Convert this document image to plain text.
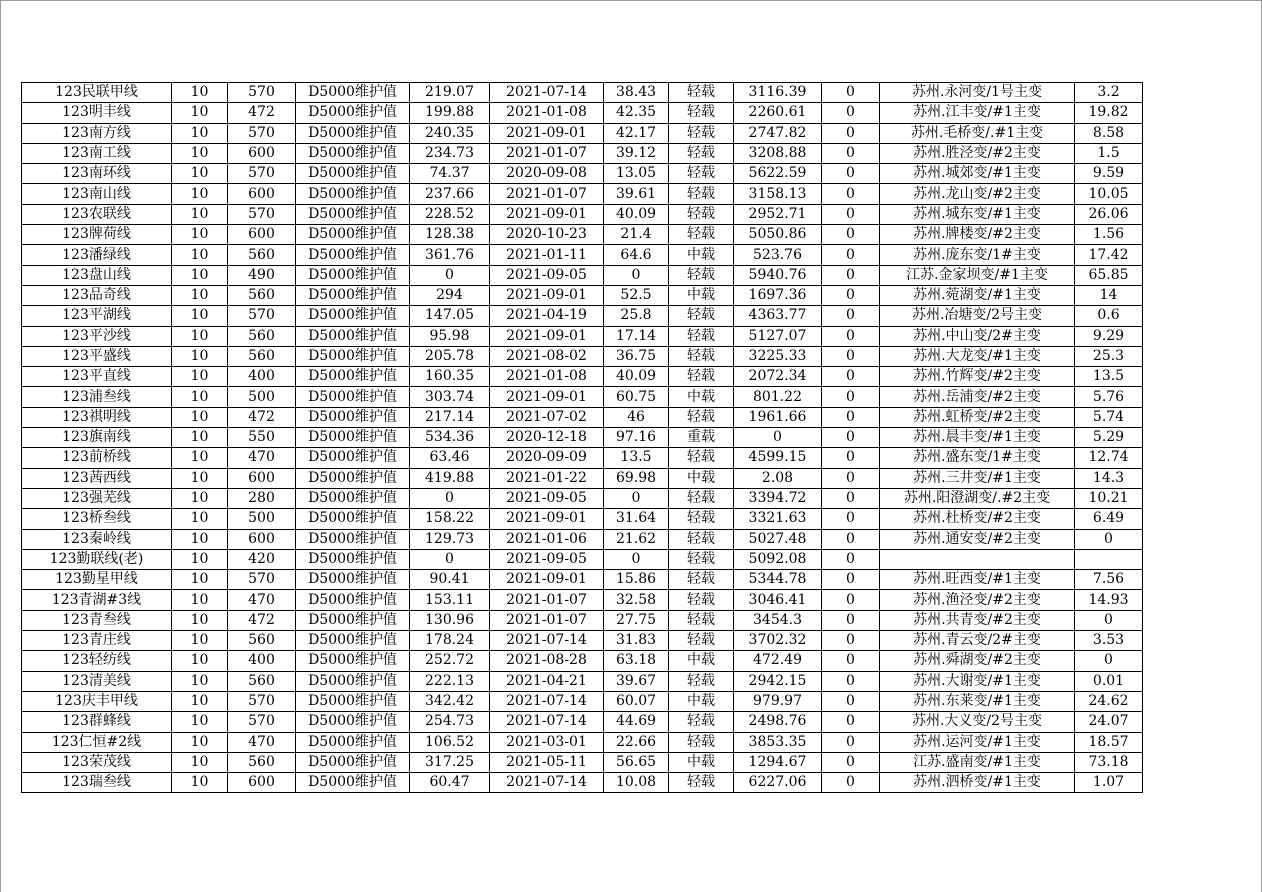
123民联甲线	10	570	D5000维护值	219.07	2021-07-14	38.43	轻载	3116.39	0	苏州.永河变/1号主变	3.2
123明丰线	10	472	D5000维护值	199.88	2021-01-08	42.35	轻载	2260.61	0	苏州.江丰变/#1主变	19.82
123南方线	10	570	D5000维护值	240.35	2021-09-01	42.17	轻载	2747.82	0	苏州.毛桥变/.#1主变	8.58
123南工线	10	600	D5000维护值	234.73	2021-01-07	39.12	轻载	3208.88	0	苏州.胜泾变/#2主变	1.5
123南环线	10	570	D5000维护值	74.37	2020-09-08	13.05	轻载	5622.59	0	苏州.城郊变/#1主变	9.59
123南山线	10	600	D5000维护值	237.66	2021-01-07	39.61	轻载	3158.13	0	苏州.龙山变/#2主变	10.05
123农联线	10	570	D5000维护值	228.52	2021-09-01	40.09	轻载	2952.71	0	苏州.城东变/#1主变	26.06
123牌荷线	10	600	D5000维护值	128.38	2020-10-23	21.4	轻载	5050.86	0	苏州.牌楼变/#2主变	1.56
123潘绿线	10	560	D5000维护值	361.76	2021-01-11	64.6	中载	523.76	0	苏州.庞东变/1#主变	17.42
123盘山线	10	490	D5000维护值	0	2021-09-05	0	轻载	5940.76	0	江苏.金家坝变/#1主变	65.85
123品奇线	10	560	D5000维护值	294	2021-09-01	52.5	中载	1697.36	0	苏州.菀湖变/#1主变	14
123平湖线	10	570	D5000维护值	147.05	2021-04-19	25.8	轻载	4363.77	0	苏州.冶塘变/2号主变	0.6
123平沙线	10	560	D5000维护值	95.98	2021-09-01	17.14	轻载	5127.07	0	苏州.中山变/2#主变	9.29
123平盛线	10	560	D5000维护值	205.78	2021-08-02	36.75	轻载	3225.33	0	苏州.大龙变/#1主变	25.3
123平直线	10	400	D5000维护值	160.35	2021-01-08	40.09	轻载	2072.34	0	苏州.竹辉变/#2主变	13.5
123浦叁线	10	500	D5000维护值	303.74	2021-09-01	60.75	中载	801.22	0	苏州.岳浦变/#2主变	5.76
123祺明线	10	472	D5000维护值	217.14	2021-07-02	46	轻载	1961.66	0	苏州.虹桥变/#2主变	5.74
123旗南线	10	550	D5000维护值	534.36	2020-12-18	97.16	重载	0	0	苏州.晨丰变/#1主变	5.29
123前桥线	10	470	D5000维护值	63.46	2020-09-09	13.5	轻载	4599.15	0	苏州.盛东变/1#主变	12.74
123茜西线	10	600	D5000维护值	419.88	2021-01-22	69.98	中载	2.08	0	苏州.三井变/#1主变	14.3
123强芜线	10	280	D5000维护值	0	2021-09-05	0	轻载	3394.72	0	苏州.阳澄湖变/.#2主变	10.21
123桥叁线	10	500	D5000维护值	158.22	2021-09-01	31.64	轻载	3321.63	0	苏州.杜桥变/#2主变	6.49
123秦岭线	10	600	D5000维护值	129.73	2021-01-06	21.62	轻载	5027.48	0	苏州.通安变/#2主变	0
123勤联线(老)	10	420	D5000维护值	0	2021-09-05	0	轻载	5092.08	0		
123勤星甲线	10	570	D5000维护值	90.41	2021-09-01	15.86	轻载	5344.78	0	苏州.旺西变/#1主变	7.56
123青湖#3线	10	470	D5000维护值	153.11	2021-01-07	32.58	轻载	3046.41	0	苏州.渔泾变/#2主变	14.93
123青叁线	10	472	D5000维护值	130.96	2021-01-07	27.75	轻载	3454.3	0	苏州.共青变/#2主变	0
123青庄线	10	560	D5000维护值	178.24	2021-07-14	31.83	轻载	3702.32	0	苏州.青云变/2#主变	3.53
123轻纺线	10	400	D5000维护值	252.72	2021-08-28	63.18	中载	472.49	0	苏州.舜湖变/#2主变	0
123清美线	10	560	D5000维护值	222.13	2021-04-21	39.67	轻载	2942.15	0	苏州.大谢变/#1主变	0.01
123庆丰甲线	10	570	D5000维护值	342.42	2021-07-14	60.07	中载	979.97	0	苏州.东莱变/#1主变	24.62
123群蜂线	10	570	D5000维护值	254.73	2021-07-14	44.69	轻载	2498.76	0	苏州.大义变/2号主变	24.07
123仁恒#2线	10	470	D5000维护值	106.52	2021-03-01	22.66	轻载	3853.35	0	苏州.运河变/#1主变	18.57
123荣茂线	10	560	D5000维护值	317.25	2021-05-11	56.65	中载	1294.67	0	江苏.盛南变/#1主变	73.18
123瑞叁线	10	600	D5000维护值	60.47	2021-07-14	10.08	轻载	6227.06	0	苏州.泗桥变/#1主变	1.07
